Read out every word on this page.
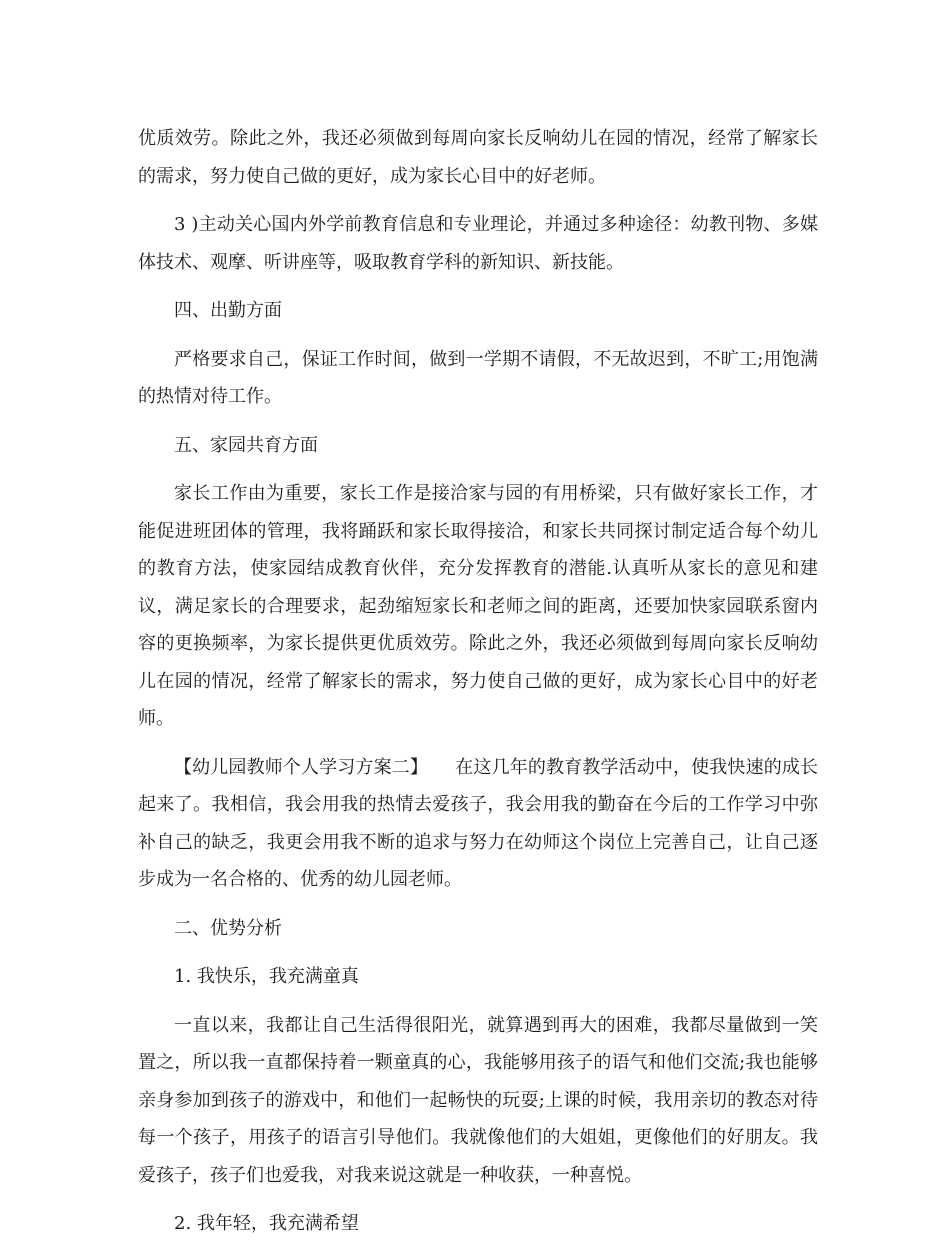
优质效劳。除此之外，我还必须做到每周向家长反响幼儿在园的情况，经常了解家长的需求，努力使自己做的更好，成为家长心目中的好老师。

3 )主动关心国内外学前教育信息和专业理论，并通过多种途径：幼教刊物、多媒体技术、观摩、听讲座等，吸取教育学科的新知识、新技能。

四、出勤方面

严格要求自己，保证工作时间，做到一学期不请假，不无故迟到，不旷工;用饱满的热情对待工作。

五、家园共育方面

家长工作由为重要，家长工作是接洽家与园的有用桥梁，只有做好家长工作，才能促进班团体的管理，我将踊跃和家长取得接洽，和家长共同探讨制定适合每个幼儿的教育方法，使家园结成教育伙伴，充分发挥教育的潜能.认真听从家长的意见和建议，满足家长的合理要求，起劲缩短家长和老师之间的距离，还要加快家园联系窗内容的更换频率，为家长提供更优质效劳。除此之外，我还必须做到每周向家长反响幼儿在园的情况，经常了解家长的需求，努力使自己做的更好，成为家长心目中的好老师。

【幼儿园教师个人学习方案二】　　在这几年的教育教学活动中，使我快速的成长起来了。我相信，我会用我的热情去爱孩子，我会用我的勤奋在今后的工作学习中弥补自己的缺乏，我更会用我不断的追求与努力在幼师这个岗位上完善自己，让自己逐步成为一名合格的、优秀的幼儿园老师。

二、优势分析

1. 我快乐，我充满童真

一直以来，我都让自己生活得很阳光，就算遇到再大的困难，我都尽量做到一笑置之，所以我一直都保持着一颗童真的心，我能够用孩子的语气和他们交流;我也能够亲身参加到孩子的游戏中，和他们一起畅快的玩耍;上课的时候，我用亲切的教态对待每一个孩子，用孩子的语言引导他们。我就像他们的大姐姐，更像他们的好朋友。我爱孩子，孩子们也爱我，对我来说这就是一种收获，一种喜悦。

2. 我年轻，我充满希望
